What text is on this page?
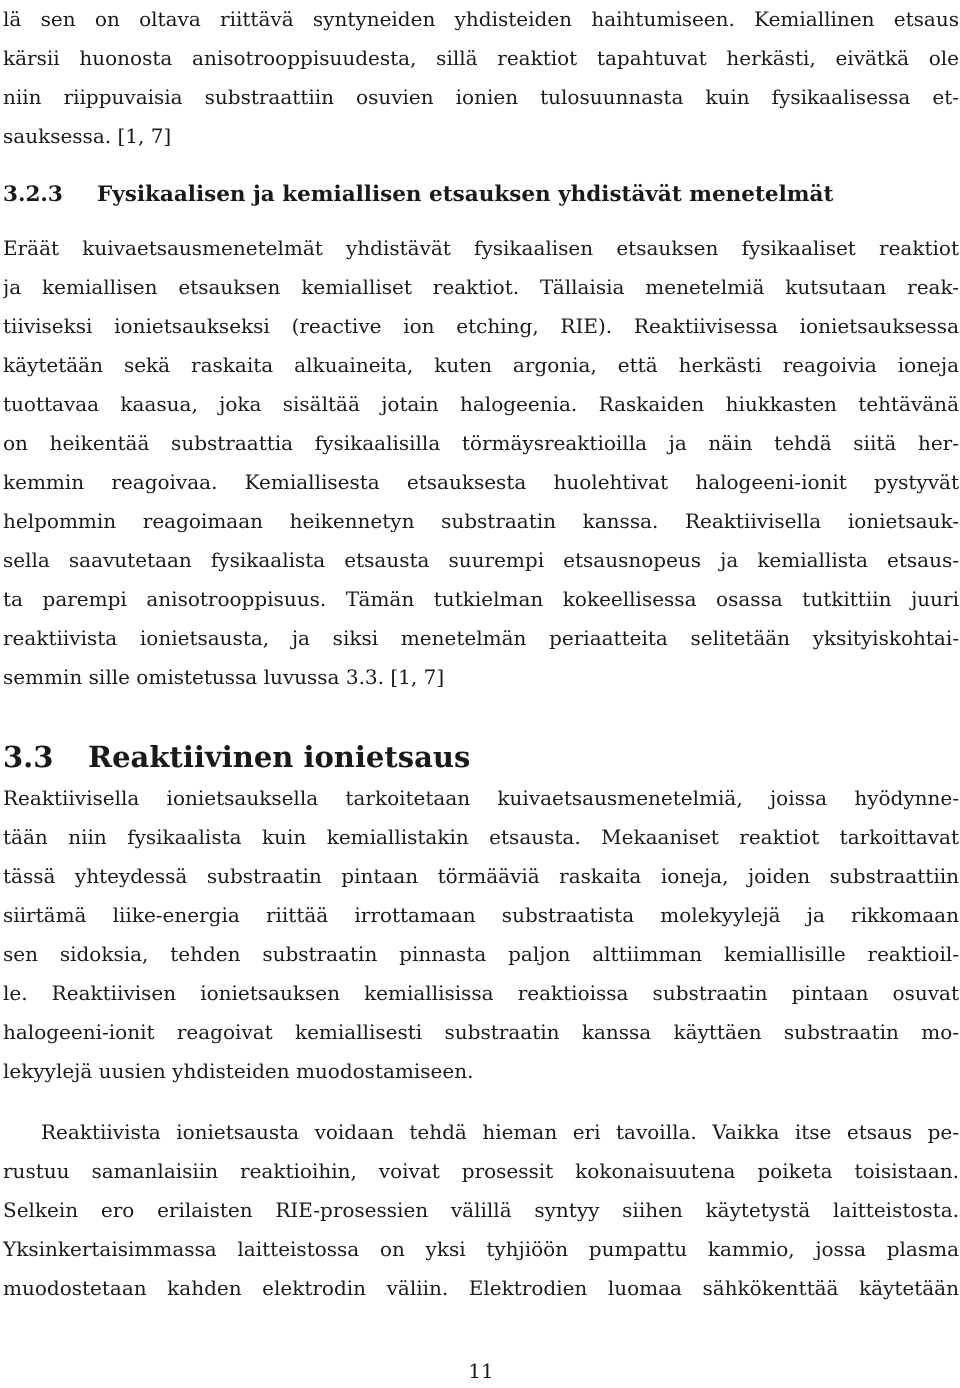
lä sen on oltava riittävä syntyneiden yhdisteiden haihtumiseen. Kemiallinen etsaus
kärsii huonosta anisotrooppisuudesta, sillä reaktiot tapahtuvat herkästi, eivätkä ole
niin riippuvaisia substraattiin osuvien ionien tulosuunnasta kuin fysikaalisessa et-
sauksessa. [1, 7]
3.2.3 Fysikaalisen ja kemiallisen etsauksen yhdistävät menetelmät
Eräät kuivaetsausmenetelmät yhdistävät fysikaalisen etsauksen fysikaaliset reaktiot
ja kemiallisen etsauksen kemialliset reaktiot. Tällaisia menetelmiä kutsutaan reak-
tiiviseksi ionietsaukseksi (reactive ion etching, RIE). Reaktiivisessa ionietsauksessa
käytetään sekä raskaita alkuaineita, kuten argonia, että herkästi reagoivia ioneja
tuottavaa kaasua, joka sisältää jotain halogeenia. Raskaiden hiukkasten tehtävänä
on heikentää substraattia fysikaalisilla törmäysreaktioilla ja näin tehdä siitä her-
kemmin reagoivaa. Kemiallisesta etsauksesta huolehtivat halogeeni-ionit pystyvät
helpommin reagoimaan heikennetyn substraatin kanssa. Reaktiivisella ionietsauk-
sella saavutetaan fysikaalista etsausta suurempi etsausnopeus ja kemiallista etsaus-
ta parempi anisotrooppisuus. Tämän tutkielman kokeellisessa osassa tutkittiin juuri
reaktiivista ionietsausta, ja siksi menetelmän periaatteita selitetään yksityiskohtai-
semmin sille omistetussa luvussa 3.3. [1, 7]
3.3 Reaktiivinen ionietsaus
Reaktiivisella ionietsauksella tarkoitetaan kuivaetsausmenetelmiä, joissa hyödynne-
tään niin fysikaalista kuin kemiallistakin etsausta. Mekaaniset reaktiot tarkoittavat
tässä yhteydessä substraatin pintaan törmääviä raskaita ioneja, joiden substraattiin
siirtämä liike-energia riittää irrottamaan substraatista molekyylejä ja rikkomaan
sen sidoksia, tehden substraatin pinnasta paljon alttiimman kemiallisille reaktioil-
le. Reaktiivisen ionietsauksen kemiallisissa reaktioissa substraatin pintaan osuvat
halogeeni-ionit reagoivat kemiallisesti substraatin kanssa käyttäen substraatin mo-
lekyylejä uusien yhdisteiden muodostamiseen.
Reaktiivista ionietsausta voidaan tehdä hieman eri tavoilla. Vaikka itse etsaus pe-
rustuu samanlaisiin reaktioihin, voivat prosessit kokonaisuutena poiketa toisistaan.
Selkein ero erilaisten RIE-prosessien välillä syntyy siihen käytetystä laitteistosta.
Yksinkertaisimmassa laitteistossa on yksi tyhjiöön pumpattu kammio, jossa plasma
muodostetaan kahden elektrodin väliin. Elektrodien luomaa sähkökenttää käytetään
11
